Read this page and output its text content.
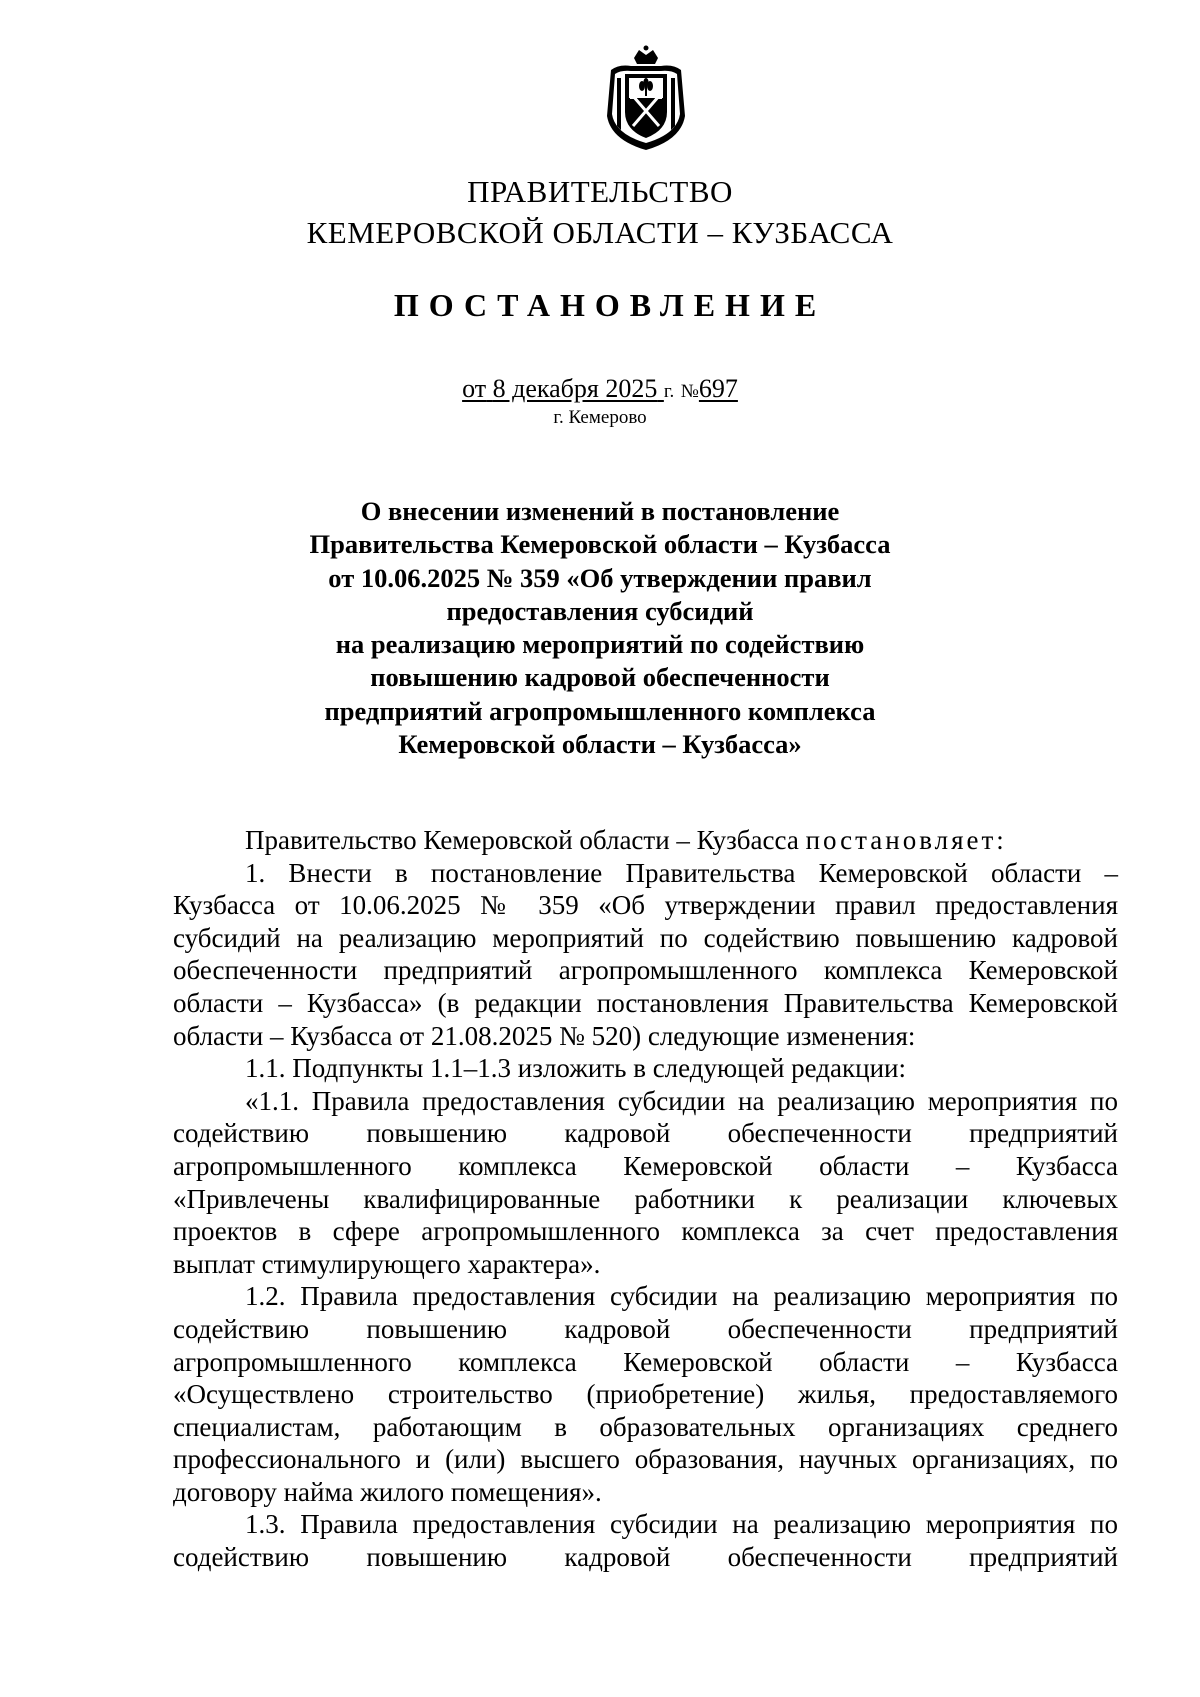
ПРАВИТЕЛЬСТВО
КЕМЕРОВСКОЙ ОБЛАСТИ – КУЗБАССА
ПОСТАНОВЛЕНИЕ
от 8 декабря 2025 г. №697
г. Кемерово
О внесении изменений в постановление
Правительства Кемеровской области – Кузбасса
от 10.06.2025 № 359 «Об утверждении правил
предоставления субсидий
на реализацию мероприятий по содействию
повышению кадровой обеспеченности
предприятий агропромышленного комплекса
Кемеровской области – Кузбасса»
Правительство Кемеровской области – Кузбасса постановляет:
1. Внести в постановление Правительства Кемеровской области –
Кузбасса от 10.06.2025 № 359 «Об утверждении правил предоставления
субсидий на реализацию мероприятий по содействию повышению кадровой
обеспеченности предприятий агропромышленного комплекса Кемеровской
области – Кузбасса» (в редакции постановления Правительства Кемеровской
области – Кузбасса от 21.08.2025 № 520) следующие изменения:
1.1. Подпункты 1.1–1.3 изложить в следующей редакции:
«1.1. Правила предоставления субсидии на реализацию мероприятия по
содействию повышению кадровой обеспеченности предприятий
агропромышленного комплекса Кемеровской области – Кузбасса
«Привлечены квалифицированные работники к реализации ключевых
проектов в сфере агропромышленного комплекса за счет предоставления
выплат стимулирующего характера».
1.2. Правила предоставления субсидии на реализацию мероприятия по
содействию повышению кадровой обеспеченности предприятий
агропромышленного комплекса Кемеровской области – Кузбасса
«Осуществлено строительство (приобретение) жилья, предоставляемого
специалистам, работающим в образовательных организациях среднего
профессионального и (или) высшего образования, научных организациях, по
договору найма жилого помещения».
1.3. Правила предоставления субсидии на реализацию мероприятия по
содействию повышению кадровой обеспеченности предприятий
